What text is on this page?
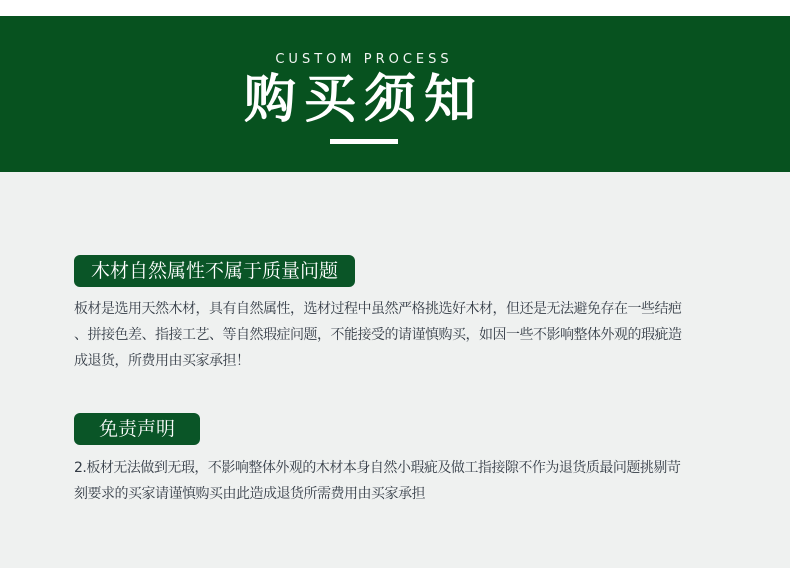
CUSTOM PROCESS
购买须知
木材自然属性不属于质量问题
板材是选用天然木材，具有自然属性，选材过程中虽然严格挑选好木材，但还是无法避免存在一些结疤
、拼接色差、指接工艺、等自然瑕症问题，不能接受的请谨慎购买，如因一些不影响整体外观的瑕疵造
成退货，所费用由买家承担！
免责声明
2.板材无法做到无瑕，不影响整体外观的木材本身自然小瑕疵及做工指接隙不作为退货质最问题挑剔苛
刻要求的买家请谨慎购买由此造成退货所需费用由买家承担
